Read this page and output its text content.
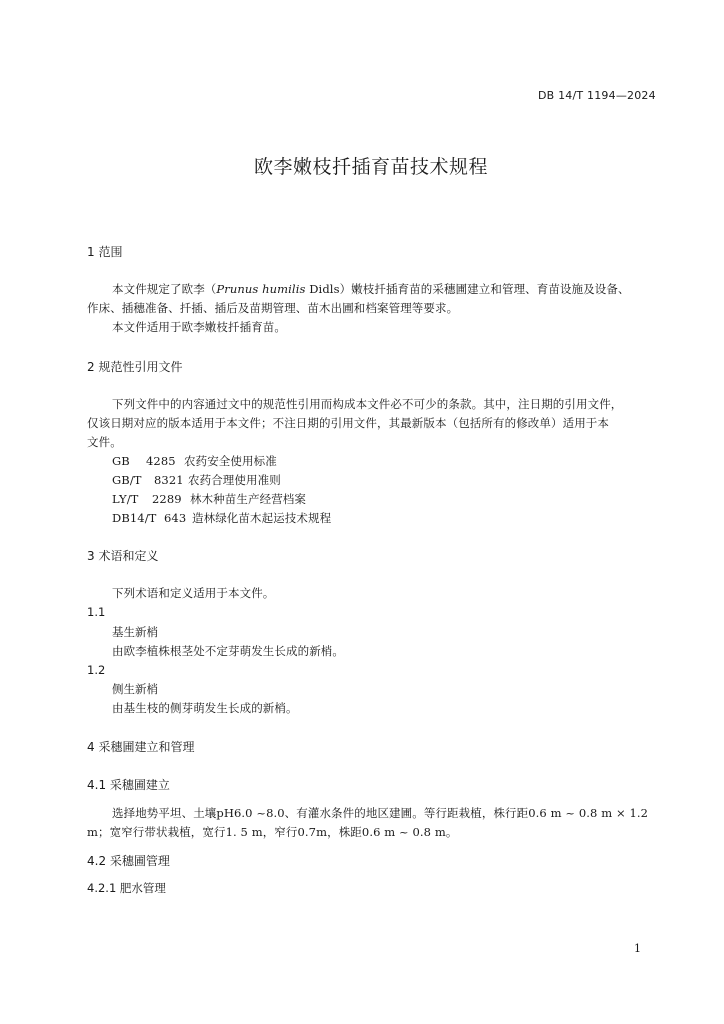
DB 14/T 1194—2024
欧李嫩枝扦插育苗技术规程
1 范围
本文件规定了欧李（Prunus humilis Didls）嫩枝扦插育苗的采穗圃建立和管理、育苗设施及设备、
作床、插穗准备、扦插、插后及苗期管理、苗木出圃和档案管理等要求。
本文件适用于欧李嫩枝扦插育苗。
2 规范性引用文件
下列文件中的内容通过文中的规范性引用而构成本文件必不可少的条款。其中，注日期的引用文件，
仅该日期对应的版本适用于本文件；不注日期的引用文件，其最新版本（包括所有的修改单）适用于本
文件。
GB 4285 农药安全使用标准
GB/T 8321 农药合理使用准则
LY/T 2289 林木种苗生产经营档案
DB14/T 643 造林绿化苗木起运技术规程
3 术语和定义
下列术语和定义适用于本文件。
1.1
基生新梢
由欧李植株根茎处不定芽萌发生长成的新梢。
1.2
侧生新梢
由基生枝的侧芽萌发生长成的新梢。
4 采穗圃建立和管理
4.1 采穗圃建立
选择地势平坦、土壤pH6.0 ~8.0、有灌水条件的地区建圃。等行距栽植，株行距0.6 m ~ 0.8 m × 1.2
m；宽窄行带状栽植，宽行1. 5 m，窄行0.7m，株距0.6 m ~ 0.8 m。
4.2 采穗圃管理
4.2.1 肥水管理
1
